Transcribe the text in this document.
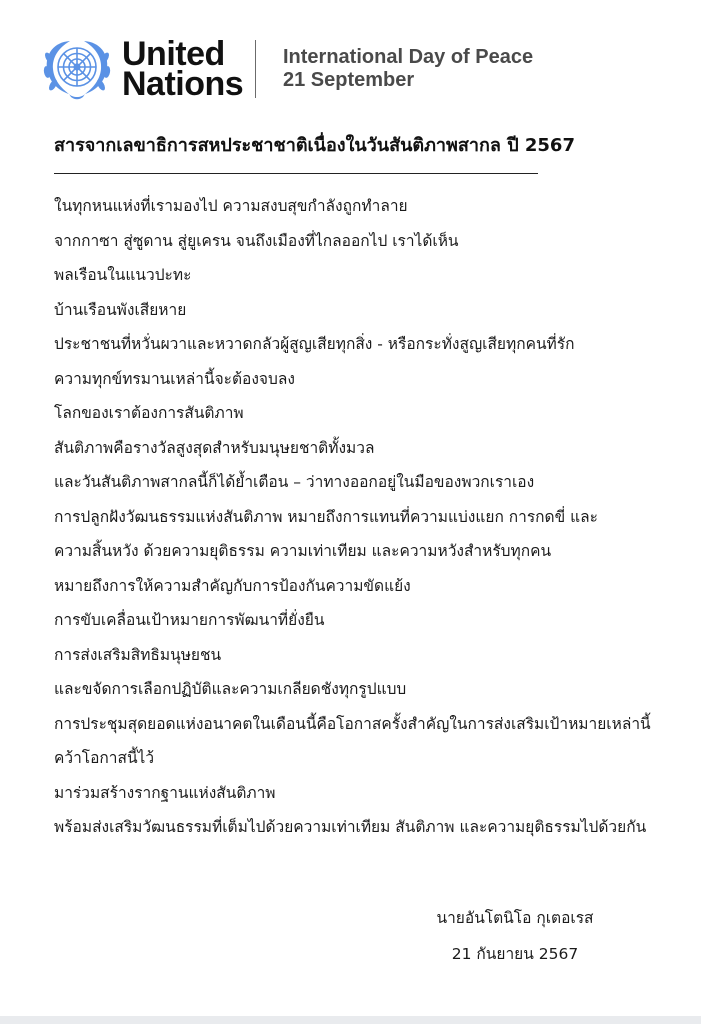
United
Nations
International Day of Peace
21 September
สารจากเลขาธิการสหประชาชาติเนื่องในวันสันติภาพสากล ปี 2567
ในทุกหนแห่งที่เรามองไป ความสงบสุขกำลังถูกทำลาย
จากกาซา สู่ซูดาน สู่ยูเครน จนถึงเมืองที่ไกลออกไป เราได้เห็น
พลเรือนในแนวปะทะ
บ้านเรือนพังเสียหาย
ประชาชนที่หวั่นผวาและหวาดกลัวผู้สูญเสียทุกสิ่ง - หรือกระทั่งสูญเสียทุกคนที่รัก
ความทุกข์ทรมานเหล่านี้จะต้องจบลง
โลกของเราต้องการสันติภาพ
สันติภาพคือรางวัลสูงสุดสำหรับมนุษยชาติทั้งมวล
และวันสันติภาพสากลนี้ก็ได้ย้ำเตือน – ว่าทางออกอยู่ในมือของพวกเราเอง
การปลูกฝังวัฒนธรรมแห่งสันติภาพ หมายถึงการแทนที่ความแบ่งแยก การกดขี่ และ
ความสิ้นหวัง ด้วยความยุติธรรม ความเท่าเทียม และความหวังสำหรับทุกคน
หมายถึงการให้ความสำคัญกับการป้องกันความขัดแย้ง
การขับเคลื่อนเป้าหมายการพัฒนาที่ยั่งยืน
การส่งเสริมสิทธิมนุษยชน
และขจัดการเลือกปฏิบัติและความเกลียดชังทุกรูปแบบ
การประชุมสุดยอดแห่งอนาคตในเดือนนี้คือโอกาสครั้งสำคัญในการส่งเสริมเป้าหมายเหล่านี้
คว้าโอกาสนี้ไว้
มาร่วมสร้างรากฐานแห่งสันติภาพ
พร้อมส่งเสริมวัฒนธรรมที่เต็มไปด้วยความเท่าเทียม สันติภาพ และความยุติธรรมไปด้วยกัน
นายอันโตนิโอ กุเตอเรส
21 กันยายน 2567
